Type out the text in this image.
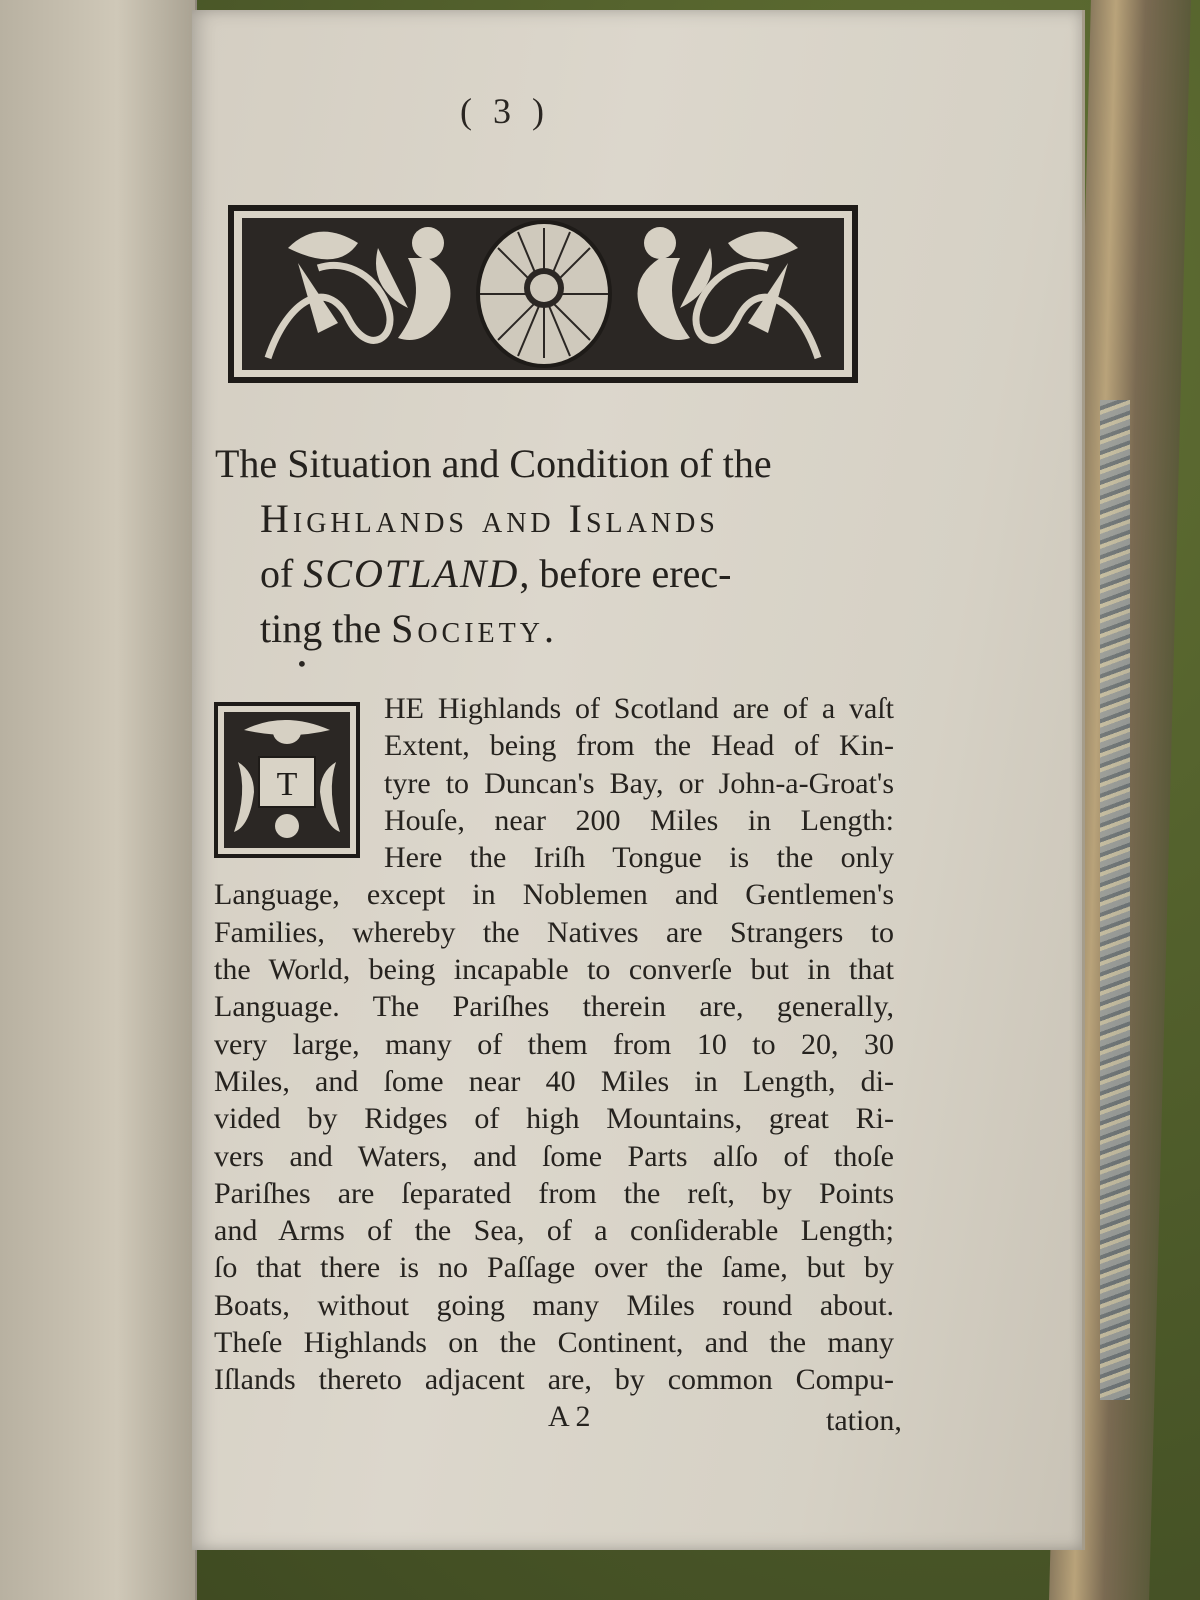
( 3 )
The Situation and Condition of the
Highlands and Islands
of SCOTLAND, before erec-
ting the Society.
•
T
HE Highlands of Scotland are of a vaſt
Extent, being from the Head of Kin-
tyre to Duncan's Bay, or John-a-Groat's
Houſe, near 200 Miles in Length:
Here the Iriſh Tongue is the only
Language, except in Noblemen and Gentlemen's
Families, whereby the Natives are Strangers to
the World, being incapable to converſe but in that
Language. The Pariſhes therein are, generally,
very large, many of them from 10 to 20, 30
Miles, and ſome near 40 Miles in Length, di-
vided by Ridges of high Mountains, great Ri-
vers and Waters, and ſome Parts alſo of thoſe
Pariſhes are ſeparated from the reſt, by Points
and Arms of the Sea, of a conſiderable Length;
ſo that there is no Paſſage over the ſame, but by
Boats, without going many Miles round about.
Theſe Highlands on the Continent, and the many
Iſlands thereto adjacent are, by common Compu-
A 2	tation,
